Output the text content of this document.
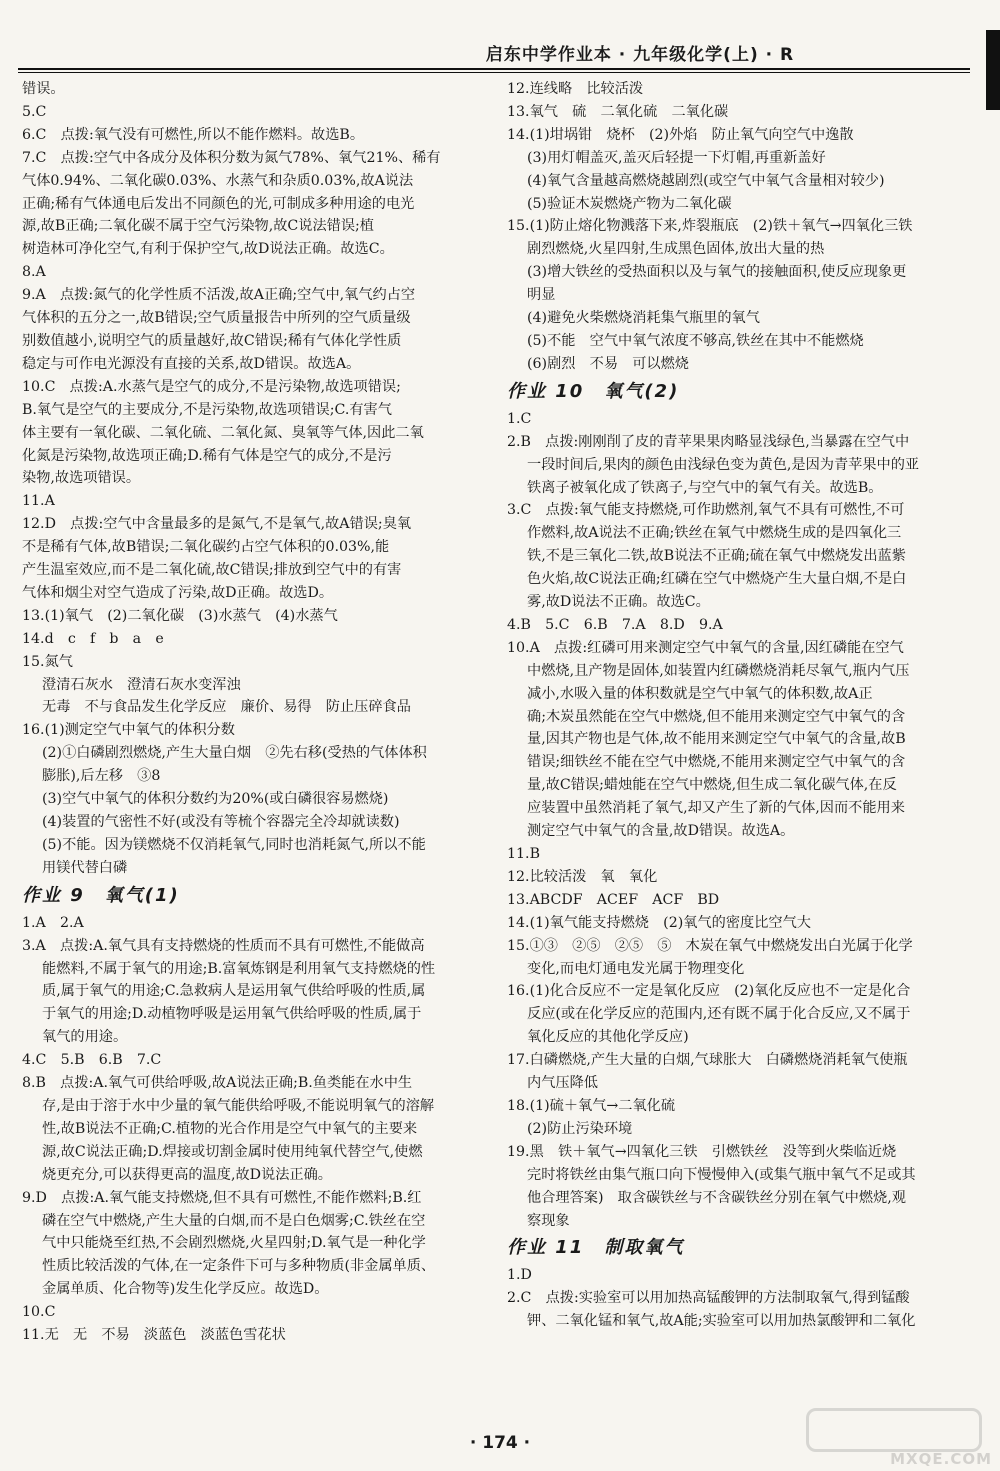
启东中学作业本 · 九年级化学(上) · R

错误。

5.C

6.C　点拨:氧气没有可燃性,所以不能作燃料。故选B。

7.C　点拨:空气中各成分及体积分数为氮气78%、氧气21%、稀有

气体0.94%、二氧化碳0.03%、水蒸气和杂质0.03%,故A说法

正确;稀有气体通电后发出不同颜色的光,可制成多种用途的电光

源,故B正确;二氧化碳不属于空气污染物,故C说法错误;植

树造林可净化空气,有利于保护空气,故D说法正确。故选C。

8.A

9.A　点拨:氮气的化学性质不活泼,故A正确;空气中,氧气约占空

气体积的五分之一,故B错误;空气质量报告中所列的空气质量级

别数值越小,说明空气的质量越好,故C错误;稀有气体化学性质

稳定与可作电光源没有直接的关系,故D错误。故选A。

10.C　点拨:A.水蒸气是空气的成分,不是污染物,故选项错误;

B.氧气是空气的主要成分,不是污染物,故选项错误;C.有害气

体主要有一氧化碳、二氧化硫、二氧化氮、臭氧等气体,因此二氧

化氮是污染物,故选项正确;D.稀有气体是空气的成分,不是污

染物,故选项错误。

11.A

12.D　点拨:空气中含量最多的是氮气,不是氧气,故A错误;臭氧

不是稀有气体,故B错误;二氧化碳约占空气体积的0.03%,能

产生温室效应,而不是二氧化硫,故C错误;排放到空气中的有害

气体和烟尘对空气造成了污染,故D正确。故选D。

13.(1)氧气　(2)二氧化碳　(3)水蒸气　(4)水蒸气

14.d　c　f　b　a　e

15.氮气

澄清石灰水　澄清石灰水变浑浊

无毒　不与食品发生化学反应　廉价、易得　防止压碎食品

16.(1)测定空气中氧气的体积分数

(2)①白磷剧烈燃烧,产生大量白烟　②先右移(受热的气体体积

膨胀),后左移　③8

(3)空气中氧气的体积分数约为20%(或白磷很容易燃烧)

(4)装置的气密性不好(或没有等梳个容器完全冷却就读数)

(5)不能。因为镁燃烧不仅消耗氧气,同时也消耗氮气,所以不能

用镁代替白磷

作业 9　氧气(1)

1.A　2.A

3.A　点拨:A.氧气具有支持燃烧的性质而不具有可燃性,不能做高

能燃料,不属于氧气的用途;B.富氧炼钢是利用氧气支持燃烧的性

质,属于氧气的用途;C.急救病人是运用氧气供给呼吸的性质,属

于氧气的用途;D.动植物呼吸是运用氧气供给呼吸的性质,属于

氧气的用途。

4.C　5.B　6.B　7.C

8.B　点拨:A.氧气可供给呼吸,故A说法正确;B.鱼类能在水中生

存,是由于溶于水中少量的氧气能供给呼吸,不能说明氧气的溶解

性,故B说法不正确;C.植物的光合作用是空气中氧气的主要来

源,故C说法正确;D.焊接或切割金属时使用纯氧代替空气,使燃

烧更充分,可以获得更高的温度,故D说法正确。

9.D　点拨:A.氧气能支持燃烧,但不具有可燃性,不能作燃料;B.红

磷在空气中燃烧,产生大量的白烟,而不是白色烟雾;C.铁丝在空

气中只能烧至红热,不会剧烈燃烧,火星四射;D.氧气是一种化学

性质比较活泼的气体,在一定条件下可与多种物质(非金属单质、

金属单质、化合物等)发生化学反应。故选D。

10.C

11.无　无　不易　淡蓝色　淡蓝色雪花状

12.连线略　比较活泼

13.氧气　硫　二氧化硫　二氧化碳

14.(1)坩埚钳　烧杯　(2)外焰　防止氧气向空气中逸散

(3)用灯帽盖灭,盖灭后轻提一下灯帽,再重新盖好

(4)氧气含量越高燃烧越剧烈(或空气中氧气含量相对较少)

(5)验证木炭燃烧产物为二氧化碳

15.(1)防止熔化物溅落下来,炸裂瓶底　(2)铁＋氧气→四氧化三铁

剧烈燃烧,火星四射,生成黑色固体,放出大量的热

(3)增大铁丝的受热面积以及与氧气的接触面积,使反应现象更

明显

(4)避免火柴燃烧消耗集气瓶里的氧气

(5)不能　空气中氧气浓度不够高,铁丝在其中不能燃烧

(6)剧烈　不易　可以燃烧

作业 10　氧气(2)

1.C

2.B　点拨:刚刚削了皮的青苹果果肉略显浅绿色,当暴露在空气中

一段时间后,果肉的颜色由浅绿色变为黄色,是因为青苹果中的亚

铁离子被氧化成了铁离子,与空气中的氧气有关。故选B。

3.C　点拨:氧气能支持燃烧,可作助燃剂,氧气不具有可燃性,不可

作燃料,故A说法不正确;铁丝在氧气中燃烧生成的是四氧化三

铁,不是三氧化二铁,故B说法不正确;硫在氧气中燃烧发出蓝紫

色火焰,故C说法正确;红磷在空气中燃烧产生大量白烟,不是白

雾,故D说法不正确。故选C。

4.B　5.C　6.B　7.A　8.D　9.A

10.A　点拨:红磷可用来测定空气中氧气的含量,因红磷能在空气

中燃烧,且产物是固体,如装置内红磷燃烧消耗尽氧气,瓶内气压

减小,水吸入量的体积数就是空气中氧气的体积数,故A正

确;木炭虽然能在空气中燃烧,但不能用来测定空气中氧气的含

量,因其产物也是气体,故不能用来测定空气中氧气的含量,故B

错误;细铁丝不能在空气中燃烧,不能用来测定空气中氧气的含

量,故C错误;蜡烛能在空气中燃烧,但生成二氧化碳气体,在反

应装置中虽然消耗了氧气,却又产生了新的气体,因而不能用来

测定空气中氧气的含量,故D错误。故选A。

11.B

12.比较活泼　氧　氧化

13.ABCDF　ACEF　ACF　BD

14.(1)氧气能支持燃烧　(2)氧气的密度比空气大

15.①③　②⑤　②⑤　⑤　木炭在氧气中燃烧发出白光属于化学

变化,而电灯通电发光属于物理变化

16.(1)化合反应不一定是氧化反应　(2)氧化反应也不一定是化合

反应(或在化学反应的范围内,还有既不属于化合反应,又不属于

氧化反应的其他化学反应)

17.白磷燃烧,产生大量的白烟,气球胀大　白磷燃烧消耗氧气使瓶

内气压降低

18.(1)硫＋氧气→二氧化硫

(2)防止污染环境

19.黑　铁＋氧气→四氧化三铁　引燃铁丝　没等到火柴临近烧

完时将铁丝由集气瓶口向下慢慢伸入(或集气瓶中氧气不足或其

他合理答案)　取含碳铁丝与不含碳铁丝分别在氧气中燃烧,观

察现象

作业 11　制取氧气

1.D

2.C　点拨:实验室可以用加热高锰酸钾的方法制取氧气,得到锰酸

钾、二氧化锰和氧气,故A能;实验室可以用加热氯酸钾和二氧化

· 174 ·
MXQE.COM
